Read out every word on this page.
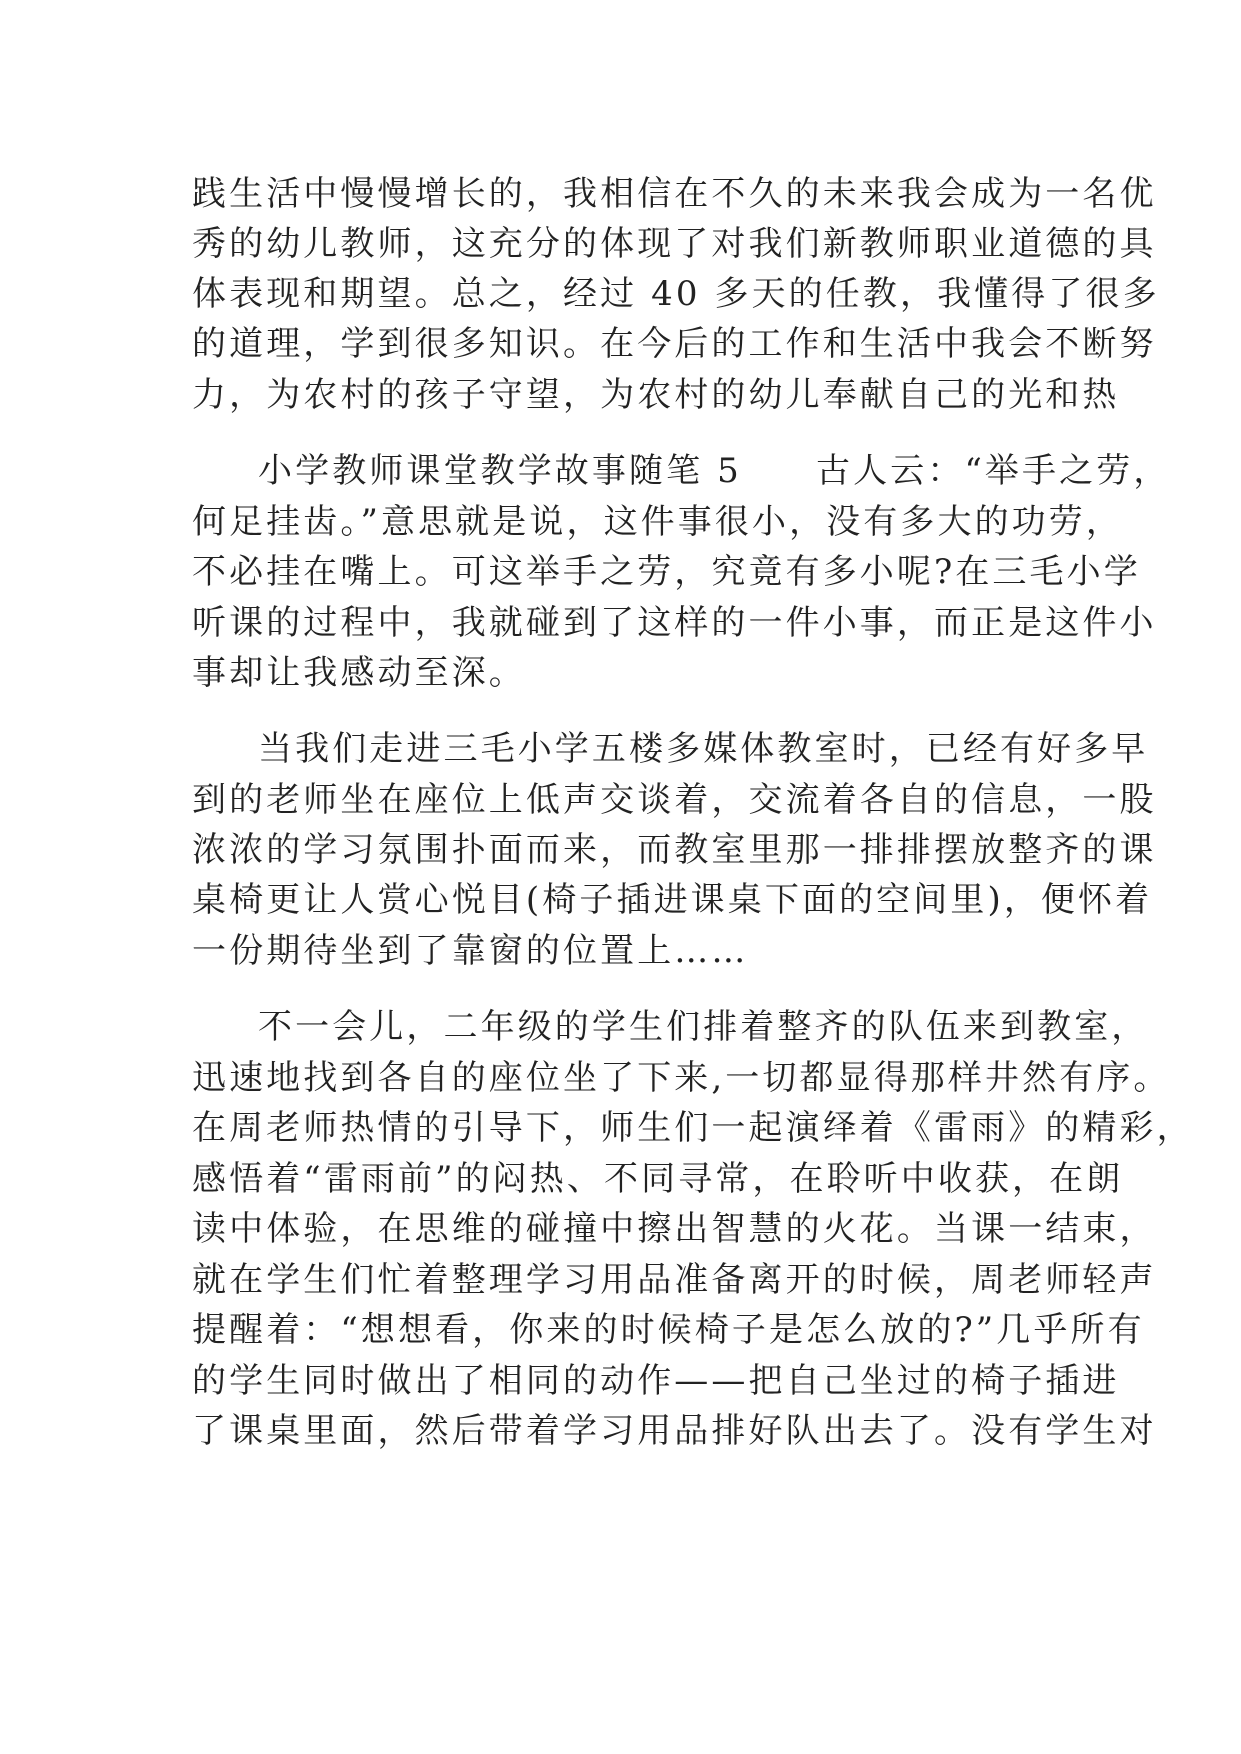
践生活中慢慢增长的，我相信在不久的未来我会成为一名优
秀的幼儿教师，这充分的体现了对我们新教师职业道德的具
体表现和期望。总之，经过 40 多天的任教，我懂得了很多
的道理，学到很多知识。在今后的工作和生活中我会不断努
力，为农村的孩子守望，为农村的幼儿奉献自己的光和热
小学教师课堂教学故事随笔 5　　古人云：“举手之劳，
何足挂齿。”意思就是说，这件事很小，没有多大的功劳，
不必挂在嘴上。可这举手之劳，究竟有多小呢?在三毛小学
听课的过程中，我就碰到了这样的一件小事，而正是这件小
事却让我感动至深。
当我们走进三毛小学五楼多媒体教室时，已经有好多早
到的老师坐在座位上低声交谈着，交流着各自的信息，一股
浓浓的学习氛围扑面而来，而教室里那一排排摆放整齐的课
桌椅更让人赏心悦目(椅子插进课桌下面的空间里)，便怀着
一份期待坐到了靠窗的位置上……
不一会儿，二年级的学生们排着整齐的队伍来到教室，
迅速地找到各自的座位坐了下来,一切都显得那样井然有序。
在周老师热情的引导下，师生们一起演绎着《雷雨》的精彩，
感悟着“雷雨前”的闷热、不同寻常，在聆听中收获，在朗
读中体验，在思维的碰撞中擦出智慧的火花。当课一结束，
就在学生们忙着整理学习用品准备离开的时候，周老师轻声
提醒着：“想想看，你来的时候椅子是怎么放的?”几乎所有
的学生同时做出了相同的动作——把自己坐过的椅子插进
了课桌里面，然后带着学习用品排好队出去了。没有学生对
